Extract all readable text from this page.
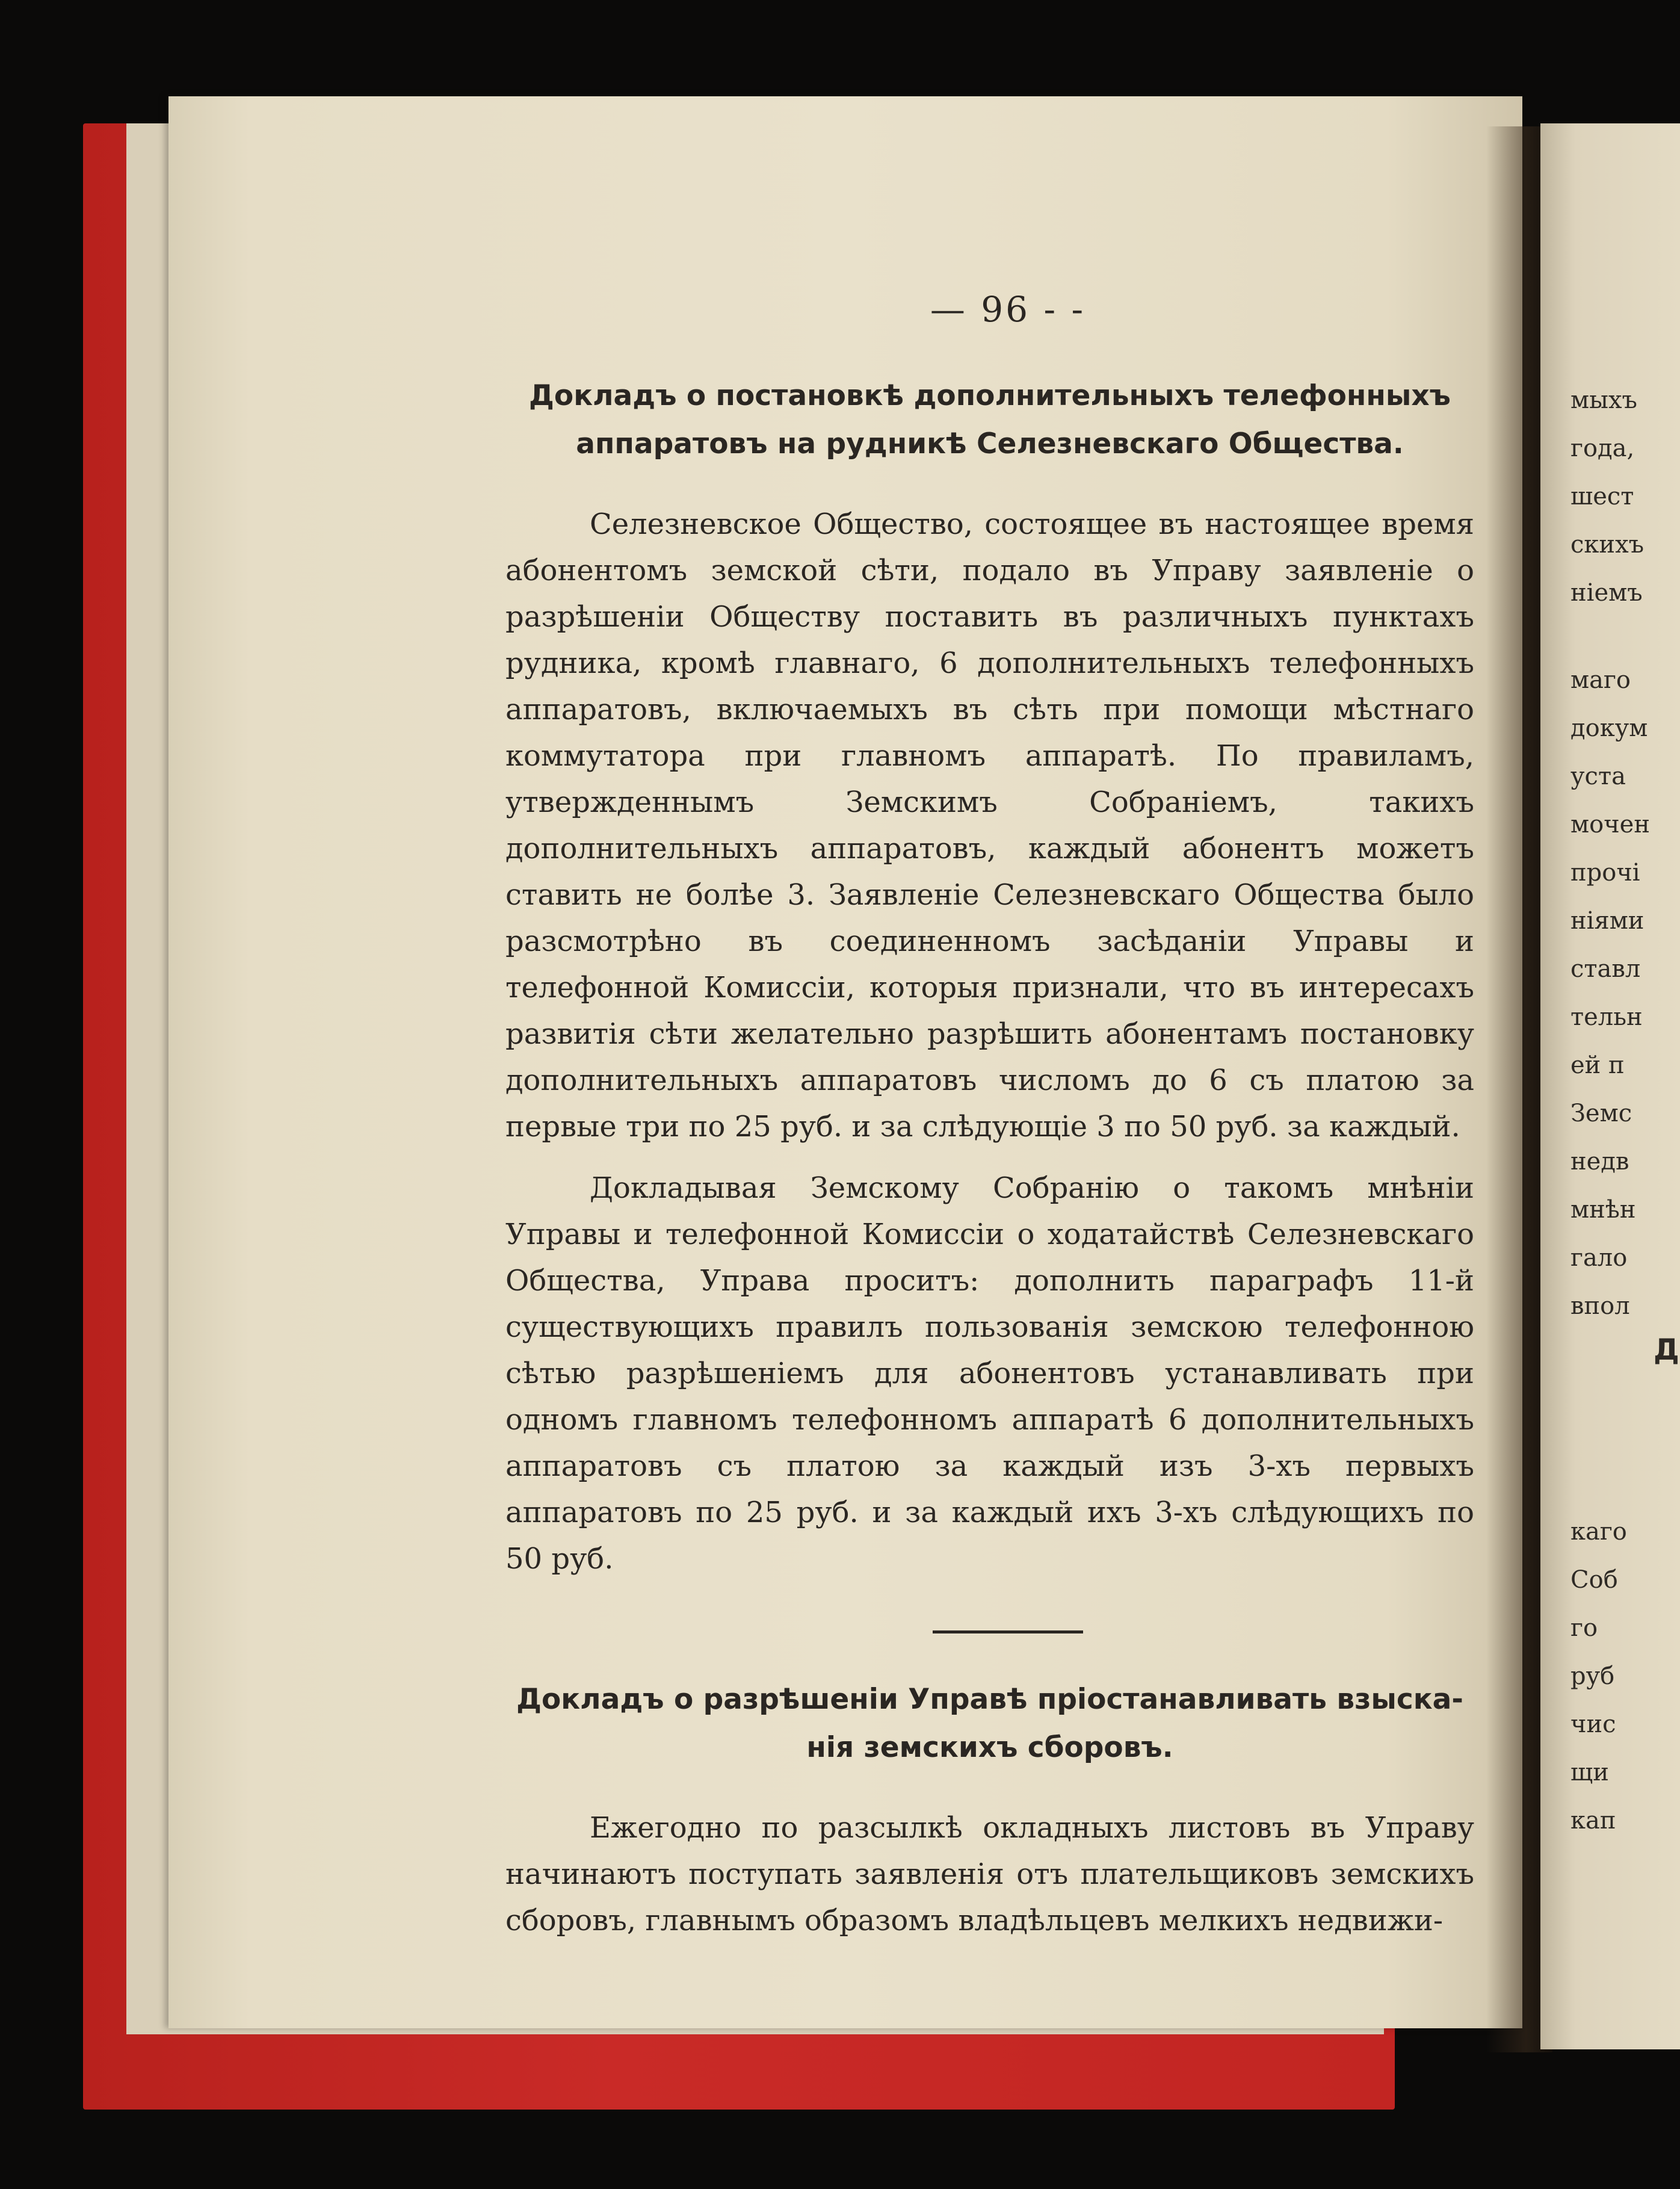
— 96 - -

Докладъ о постановкѣ дополнительныхъ телефонныхъ
аппаратовъ на рудникѣ Селезневскаго Общества.

Селезневское Общество, состоящее въ настоящее время абонентомъ земской сѣти, подало въ Управу заявленіе о разрѣшеніи Обществу поставить въ различныхъ пунктахъ рудника, кромѣ главнаго, 6 дополнительныхъ телефонныхъ аппаратовъ, включаемыхъ въ сѣть при помощи мѣстнаго коммутатора при главномъ аппаратѣ. По правиламъ, утвержденнымъ Земскимъ Собраніемъ, такихъ дополнительныхъ аппаратовъ, каждый абонентъ можетъ ставить не болѣе 3. Заявленіе Селезневскаго Общества было разсмотрѣно въ соединенномъ засѣданіи Управы и телефонной Комиссіи, которыя признали, что въ интересахъ развитія сѣти желательно разрѣшить абонентамъ постановку дополнительныхъ аппаратовъ числомъ до 6 съ платою за первые три по 25 руб. и за слѣдующіе 3 по 50 руб. за каждый.

Докладывая Земскому Собранію о такомъ мнѣніи Управы и телефонной Комиссіи о ходатайствѣ Селезневскаго Общества, Управа проситъ: дополнить параграфъ 11-й существующихъ правилъ пользованія земскою телефонною сѣтью разрѣшеніемъ для абонентовъ устанавливать при одномъ главномъ телефонномъ аппаратѣ 6 дополнительныхъ аппаратовъ съ платою за каждый изъ 3-хъ первыхъ аппаратовъ по 25 руб. и за каждый ихъ 3-хъ слѣдующихъ по 50 руб.

Докладъ о разрѣшеніи Управѣ пріостанавливать взыска-
нія земскихъ сборовъ.

Ежегодно по разсылкѣ окладныхъ листовъ въ Управу начинаютъ поступать заявленія отъ плательщиковъ земскихъ сборовъ, главнымъ образомъ владѣльцевъ мелкихъ недвижи-

мыхъ
года,
шест
скихъ
ніемъ
маго
докум
уста
мочен
прочі
ніями
ставл
тельн
ей п
Земс
недв
мнѣн
гало
впол
Д
каго
Соб
го
руб
чис
щи
кап
